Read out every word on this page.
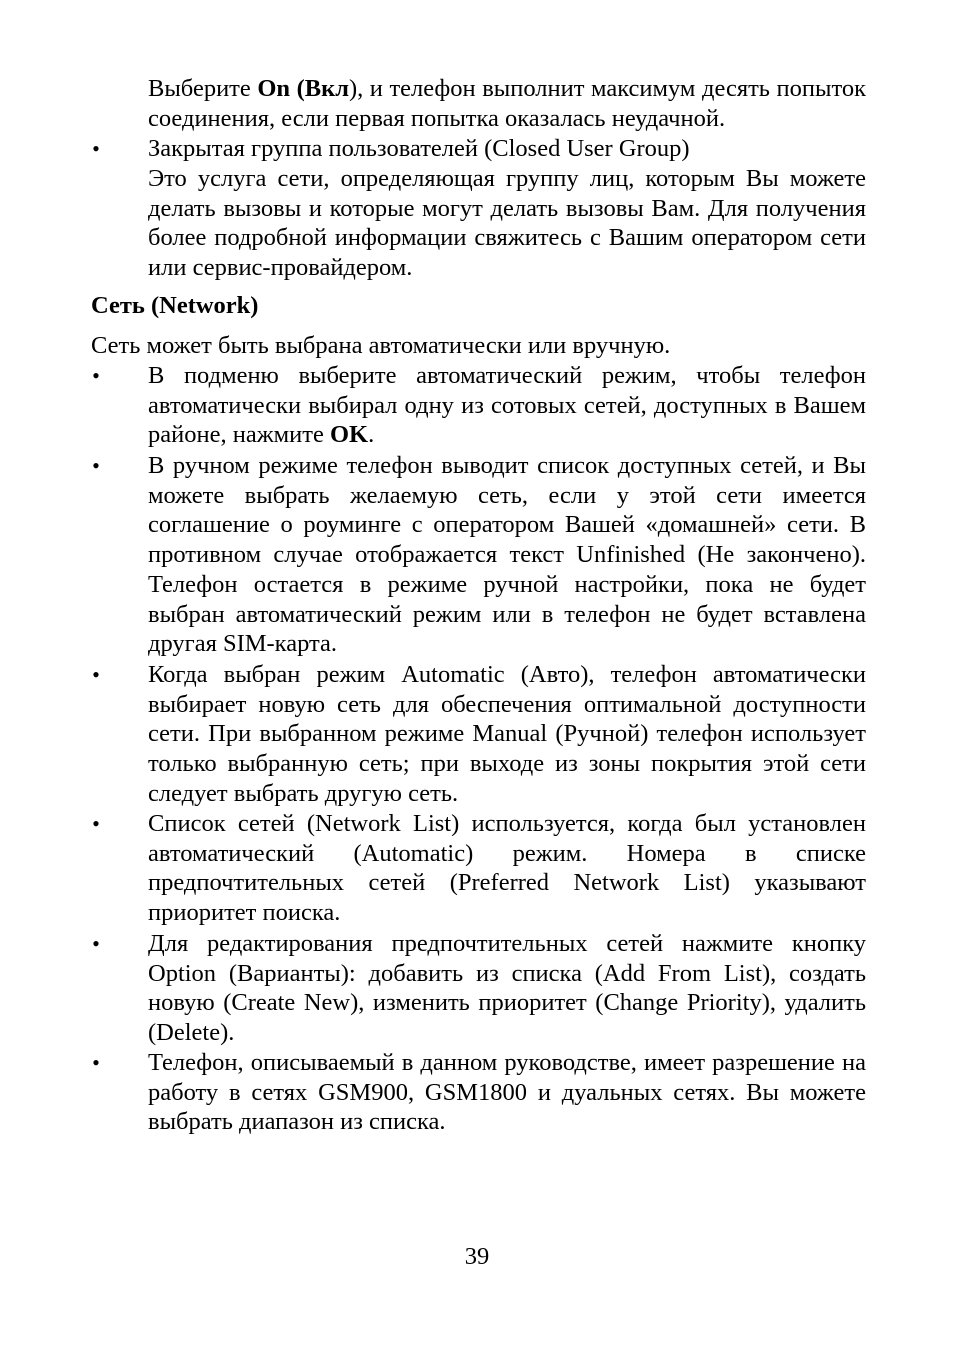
Выберите On (Вкл), и телефон выполнит максимум десять попыток соединения, если первая попытка оказалась неудачной.

• Закрытая группа пользователей (Closed User Group)

Это услуга сети, определяющая группу лиц, которым Вы можете делать вызовы и которые могут делать вызовы Вам. Для получения более подробной информации свяжитесь с Вашим оператором сети или сервис-провайдером.

Сеть (Network)

Сеть может быть выбрана автоматически или вручную.

• В подменю выберите автоматический режим, чтобы телефон автоматически выбирал одну из сотовых сетей, доступных в Вашем районе, нажмите OK.

• В ручном режиме телефон выводит список доступных сетей, и Вы можете выбрать желаемую сеть, если у этой сети имеется соглашение о роуминге с оператором Вашей «домашней» сети. В противном случае отображается текст Unfinished (Не закончено). Телефон остается в режиме ручной настройки, пока не будет выбран автоматический режим или в телефон не будет вставлена другая SIM-карта.

• Когда выбран режим Automatic (Авто), телефон автоматически выбирает новую сеть для обеспечения оптимальной доступности сети. При выбранном режиме Manual (Ручной) телефон использует только выбранную сеть; при выходе из зоны покрытия этой сети следует выбрать другую сеть.

• Список сетей (Network List) используется, когда был установлен автоматический (Automatic) режим. Номера в списке предпочтительных сетей (Preferred Network List) указывают приоритет поиска.

• Для редактирования предпочтительных сетей нажмите кнопку Option (Варианты): добавить из списка (Add From List), создать новую (Create New), изменить приоритет (Change Priority), удалить (Delete).

• Телефон, описываемый в данном руководстве, имеет разрешение на работу в сетях GSM900, GSM1800 и дуальных сетях. Вы можете выбрать диапазон из списка.

39
